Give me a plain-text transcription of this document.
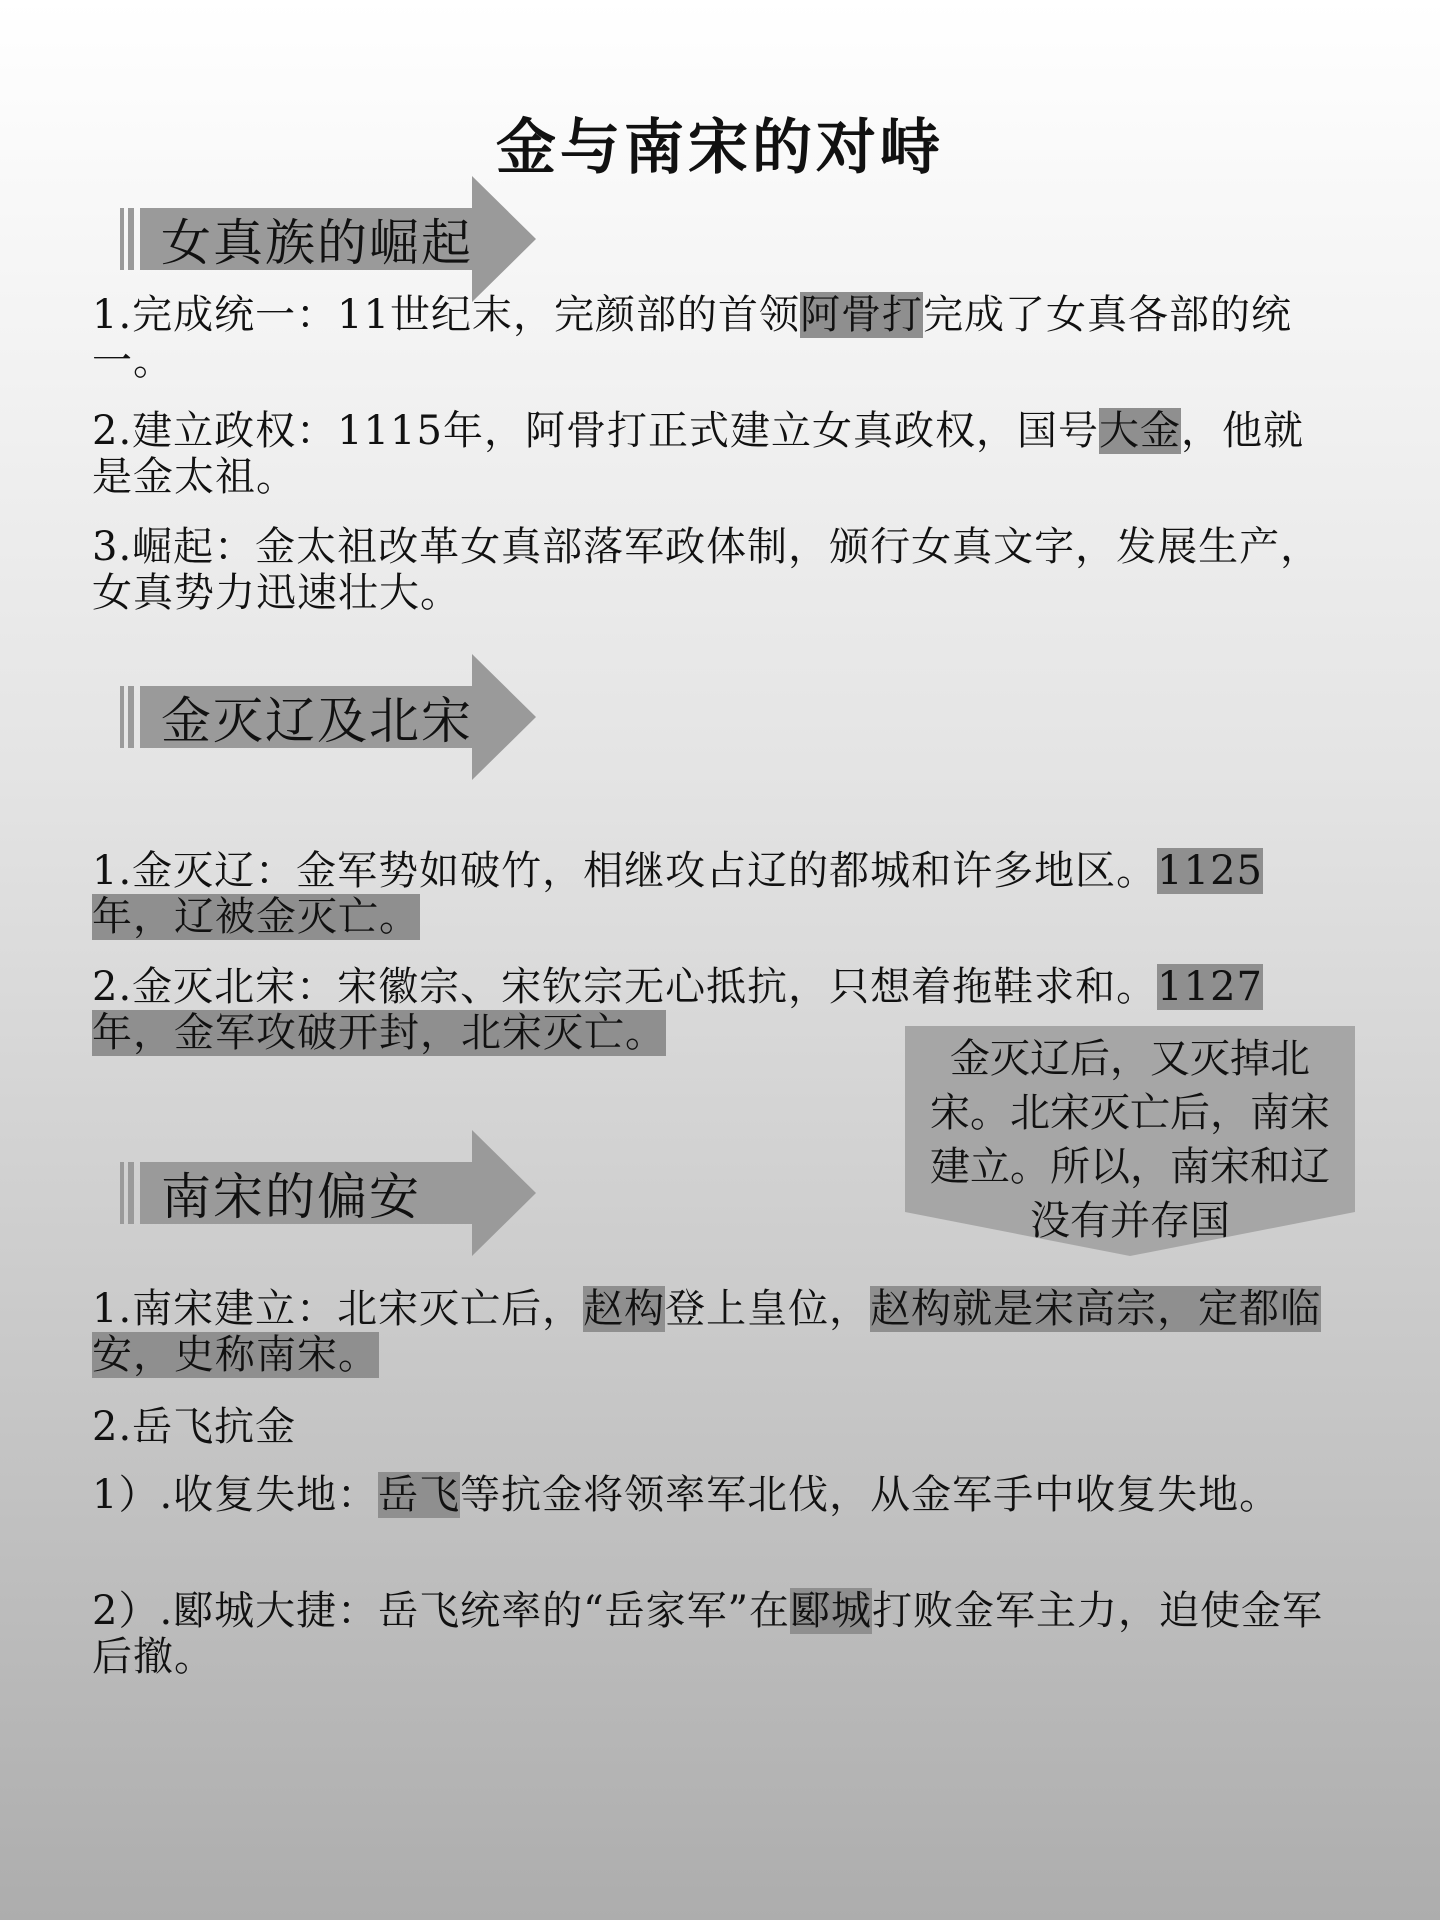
金与南宋的对峙
女真族的崛起

1.完成统一：11世纪末，完颜部的首领阿骨打完成了女真各部的统一。

2.建立政权：1115年，阿骨打正式建立女真政权，国号大金，他就是金太祖。

3.崛起：金太祖改革女真部落军政体制，颁行女真文字，发展生产，女真势力迅速壮大。

金灭辽及北宋

1.金灭辽：金军势如破竹，相继攻占辽的都城和许多地区。1125年，辽被金灭亡。

2.金灭北宋：宋徽宗、宋钦宗无心抵抗，只想着拖鞋求和。1127年，金军攻破开封，北宋灭亡。

金灭辽后，又灭掉北宋。北宋灭亡后，南宋建立。所以，南宋和辽没有并存国

南宋的偏安

1.南宋建立：北宋灭亡后，赵构登上皇位，赵构就是宋高宗，定都临安，史称南宋。

2.岳飞抗金

1）.收复失地：岳飞等抗金将领率军北伐，从金军手中收复失地。

2）.郾城大捷：岳飞统率的“岳家军”在郾城打败金军主力，迫使金军后撤。
